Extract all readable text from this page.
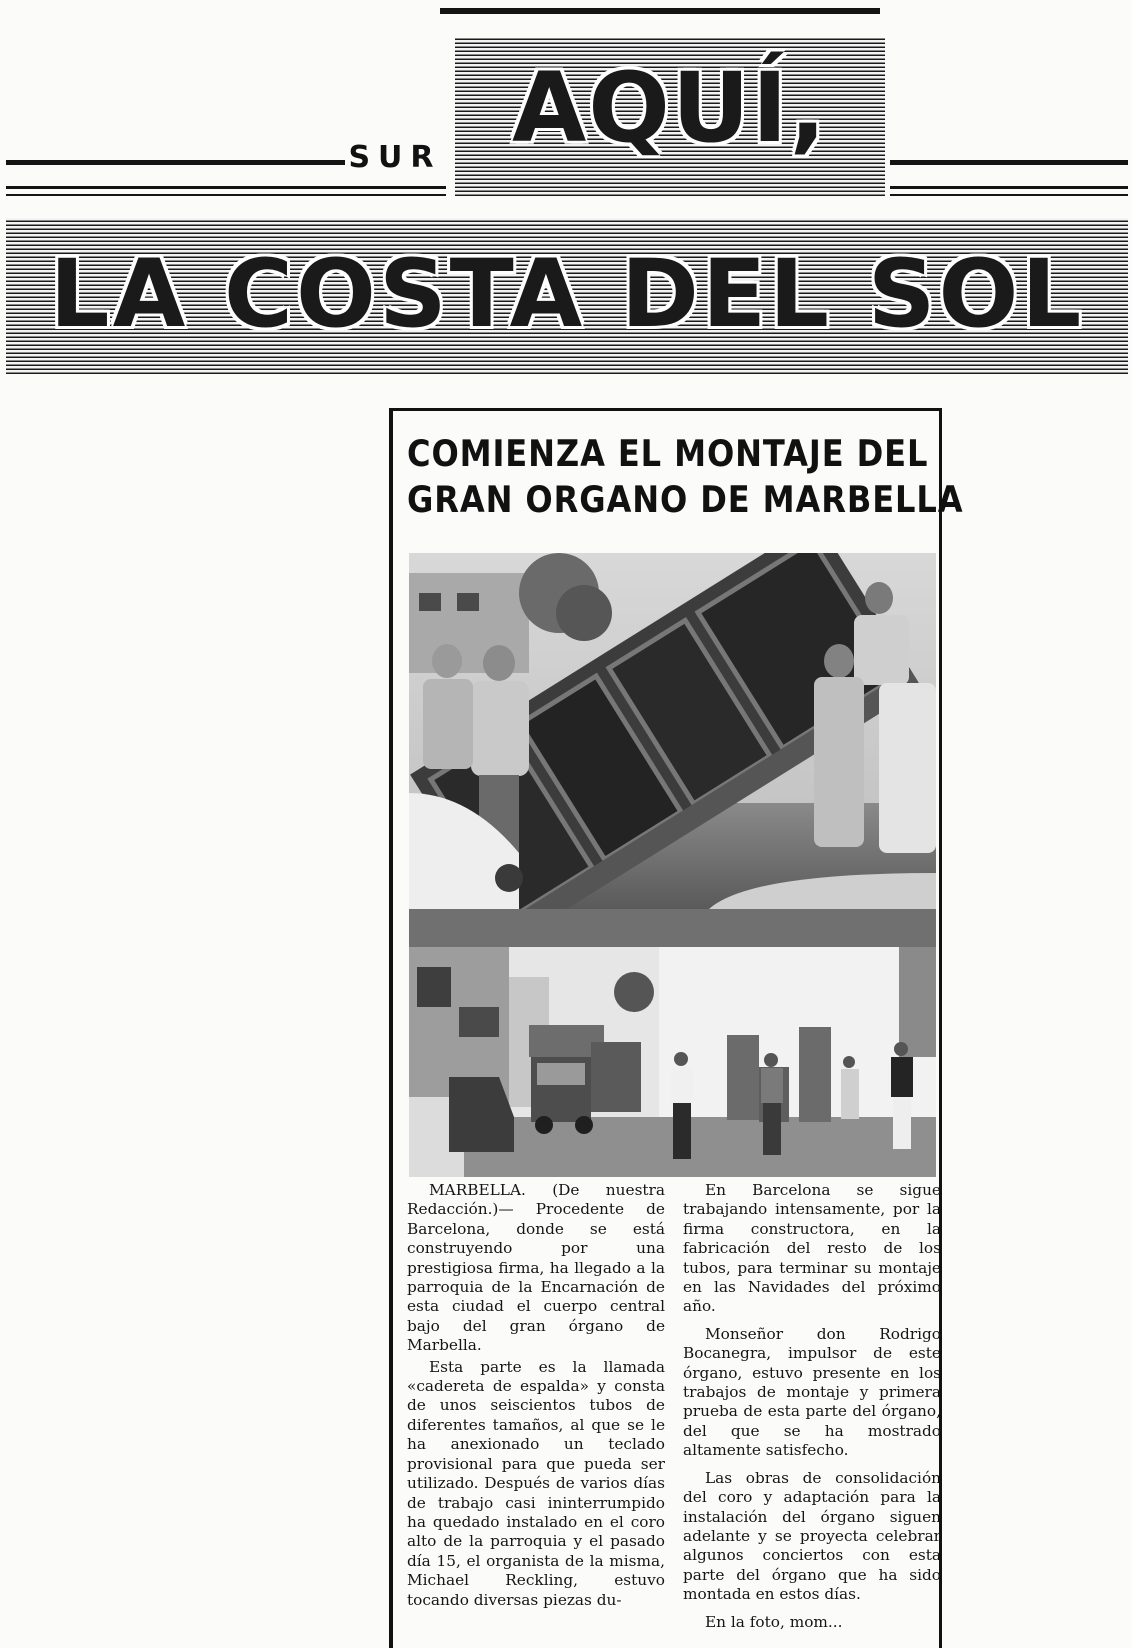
AQUÍ,
SUR
LA COSTA DEL SOL
COMIENZA EL MONTAJE DEL
GRAN ORGANO DE MARBELLA

MARBELLA. (De nuestra Redacción.)— Procedente de Barcelona, donde se está construyendo por una prestigiosa firma, ha llegado a la parroquia de la Encarnación de esta ciudad el cuerpo central bajo del gran órgano de Marbella.

Esta parte es la llamada «cadereta de espalda» y consta de unos seiscientos tubos de diferentes tamaños, al que se le ha anexionado un teclado provisional para que pueda ser utilizado. Después de varios días de trabajo casi ininterrumpido ha quedado instalado en el coro alto de la parroquia y el pasado día 15, el organista de la misma, Michael Reckling, estuvo tocando diversas piezas du-

En Barcelona se sigue trabajando intensamente, por la firma constructora, en la fabricación del resto de los tubos, para terminar su montaje en las Navidades del próximo año.

Monseñor don Rodrigo Bocanegra, impulsor de este órgano, estuvo presente en los trabajos de montaje y primera prueba de esta parte del órgano, del que se ha mostrado altamente satisfecho.

Las obras de consolidación del coro y adaptación para la instalación del órgano siguen adelante y se proyecta celebrar algunos conciertos con esta parte del órgano que ha sido montada en estos días.

En la foto, mom...
